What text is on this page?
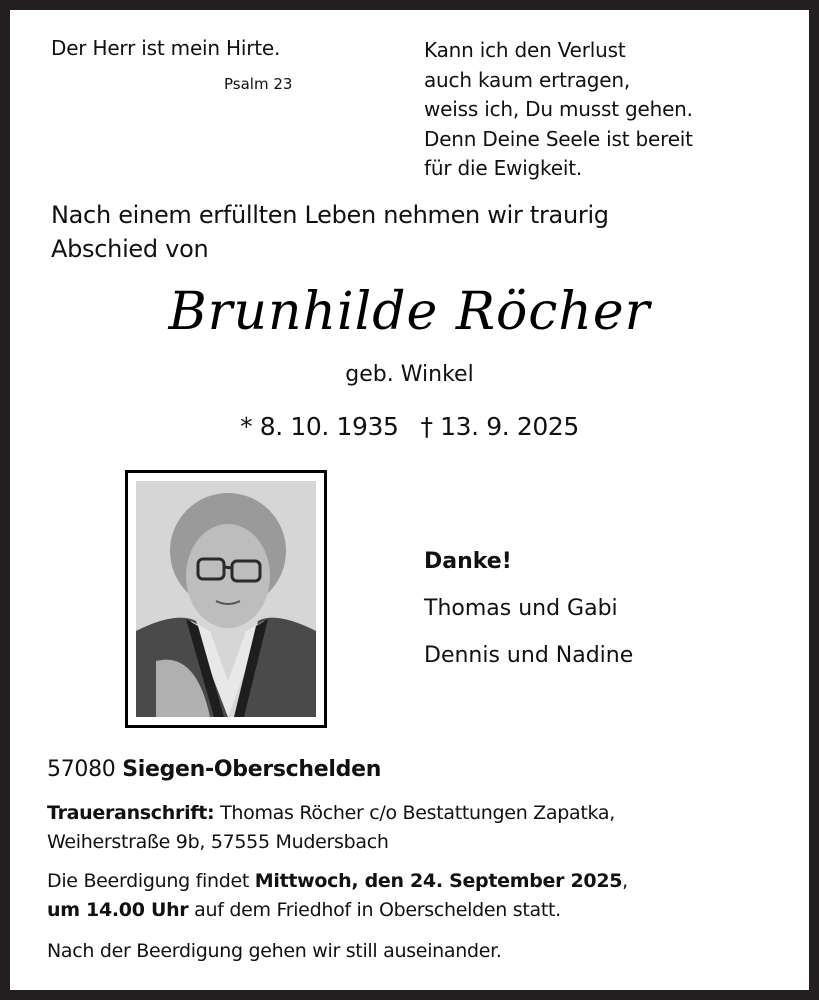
Der Herr ist mein Hirte.
Psalm 23
Kann ich den Verlust
auch kaum ertragen,
weiss ich, Du musst gehen.
Denn Deine Seele ist bereit
für die Ewigkeit.
Nach einem erfüllten Leben nehmen wir traurig
Abschied von
Brunhilde Röcher
geb. Winkel
* 8. 10. 1935 † 13. 9. 2025
Danke!
Thomas und Gabi
Dennis und Nadine
57080 Siegen-Oberschelden
Traueranschrift: Thomas Röcher c/o Bestattungen Zapatka,
Weiherstraße 9b, 57555 Mudersbach
Die Beerdigung findet Mittwoch, den 24. September 2025,
um 14.00 Uhr auf dem Friedhof in Oberschelden statt.
Nach der Beerdigung gehen wir still auseinander.
